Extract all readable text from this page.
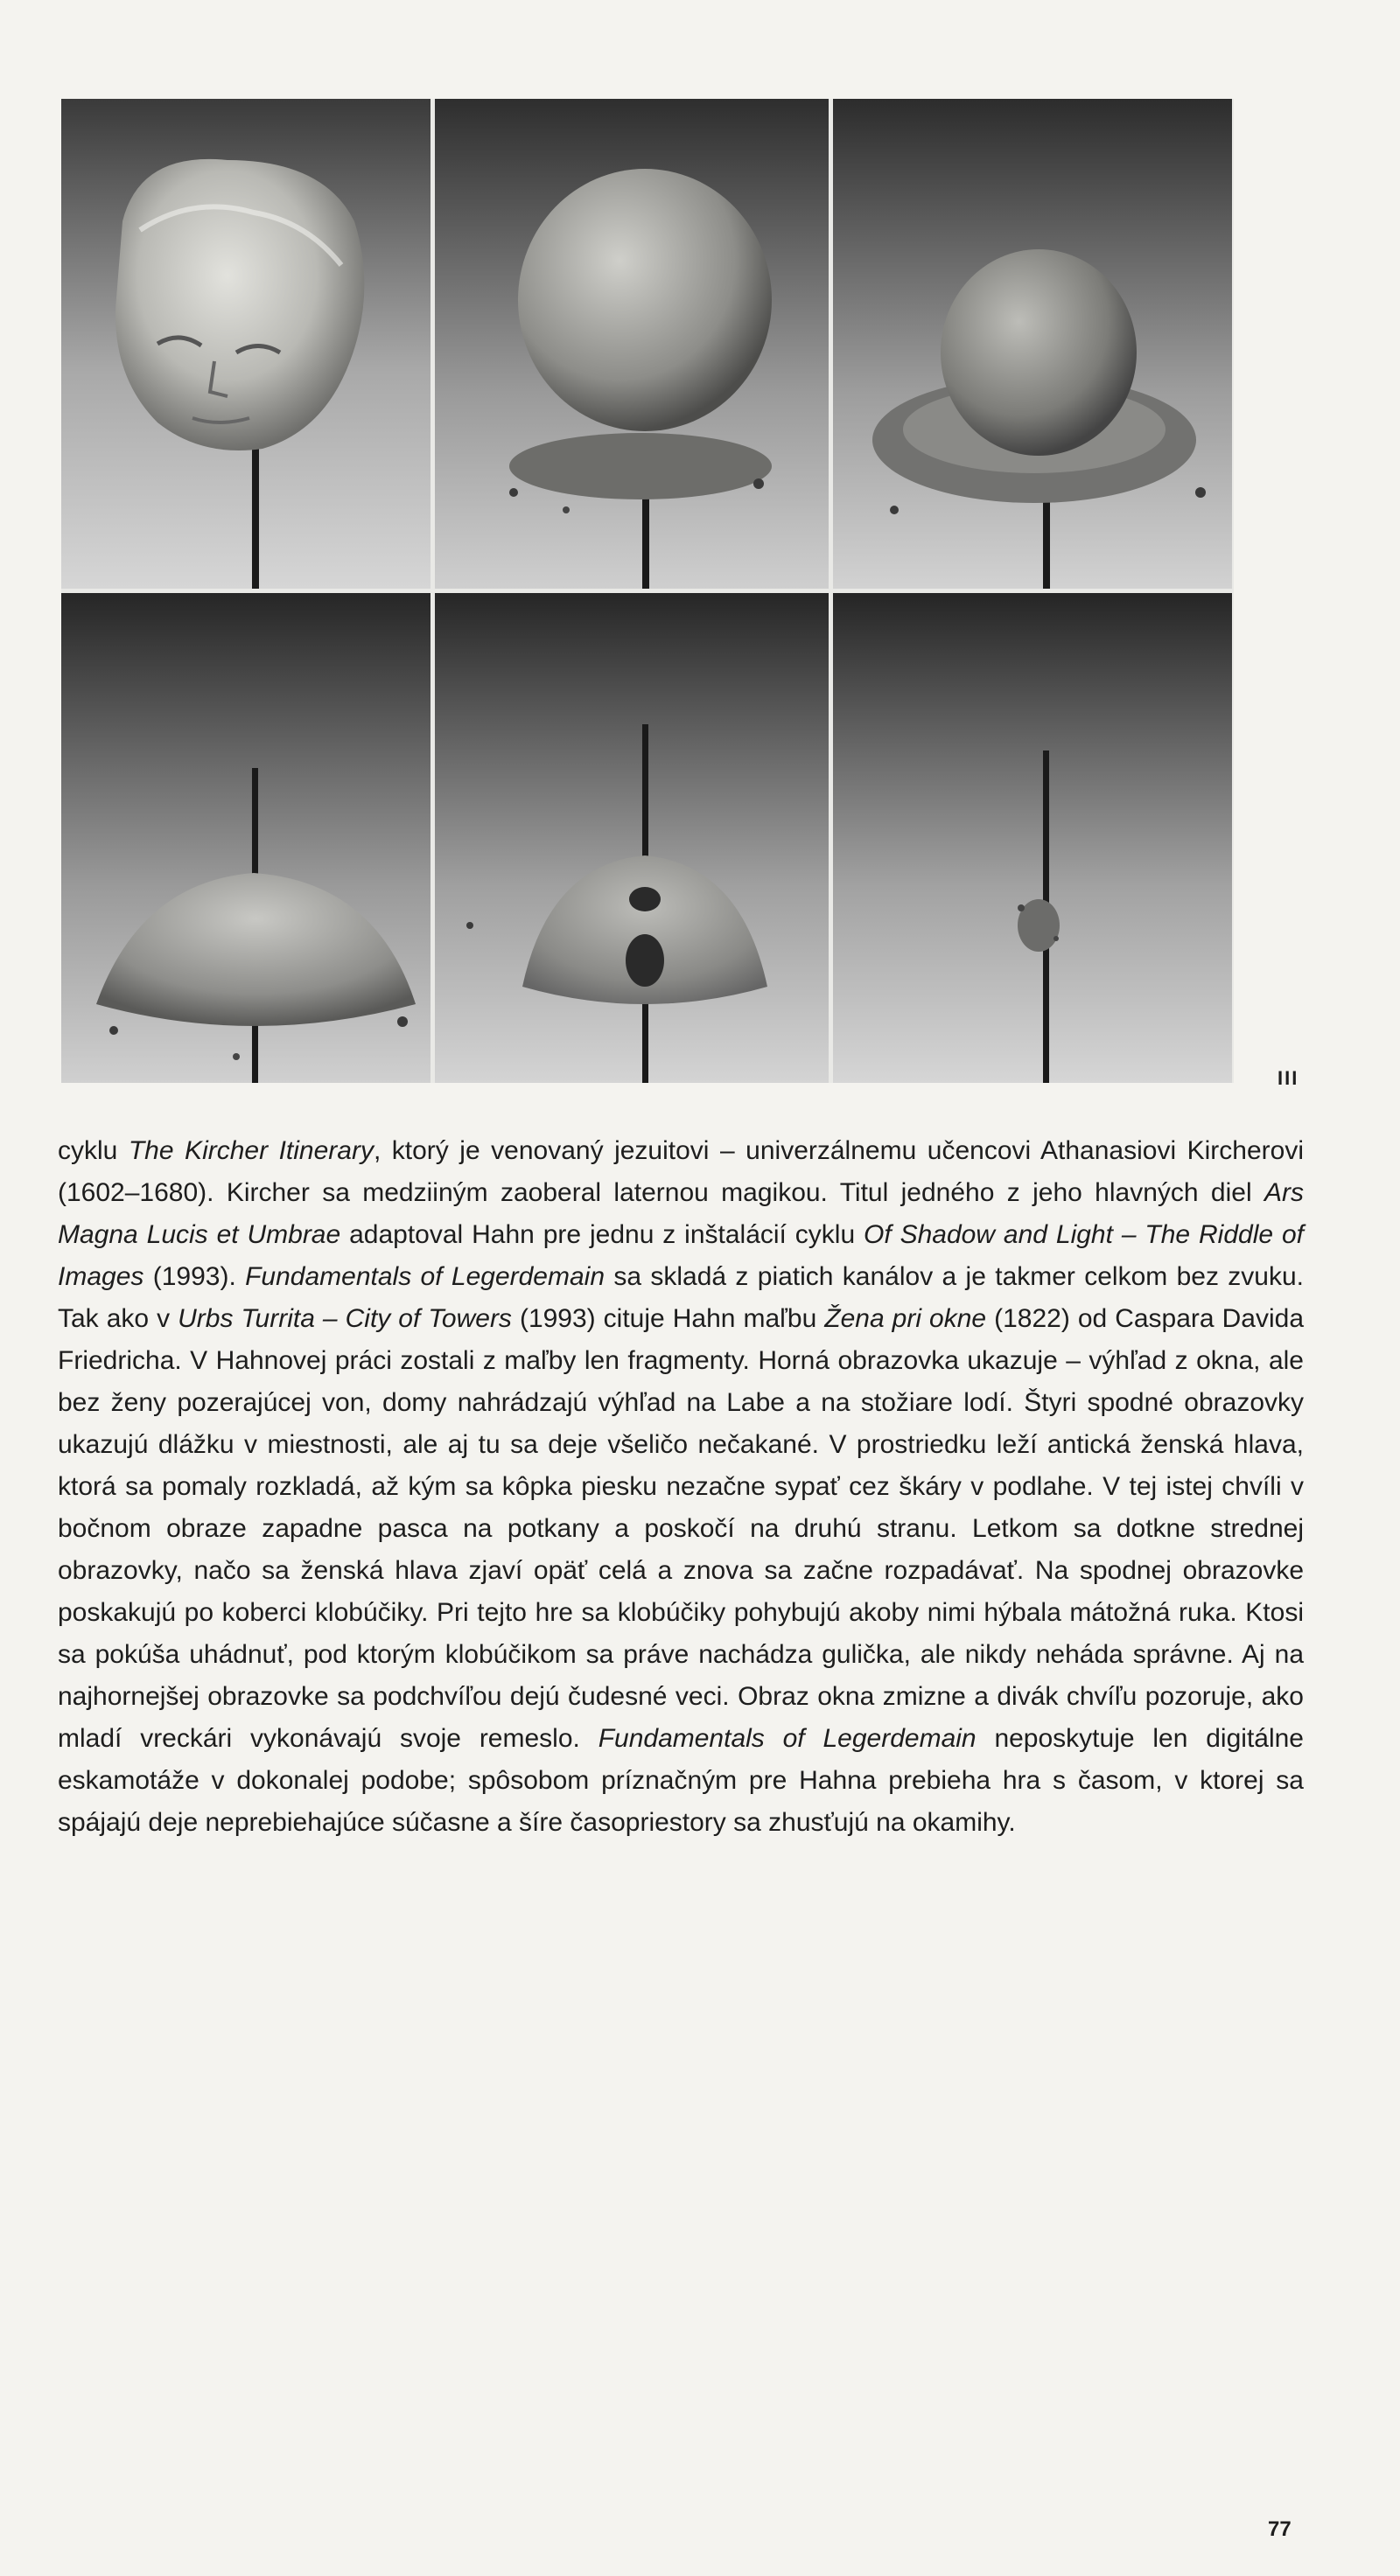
III

cyklu The Kircher Itinerary, ktorý je venovaný jezuitovi – univerzálnemu učencovi Athanasiovi Kircherovi (1602–1680). Kircher sa medziiným zaoberal laternou magikou. Titul jedného z jeho hlavných diel Ars Magna Lucis et Umbrae adaptoval Hahn pre jednu z inštalácií cyklu Of Shadow and Light – The Riddle of Images (1993). Fundamentals of Legerdemain sa skladá z piatich kanálov a je takmer celkom bez zvuku. Tak ako v Urbs Turrita – City of Towers (1993) cituje Hahn maľbu Žena pri okne (1822) od Caspara Davida Friedricha. V Hahnovej práci zostali z maľby len fragmenty. Horná obrazovka ukazuje – výhľad z okna, ale bez ženy pozerajúcej von, domy nahrádzajú výhľad na Labe a na stožiare lodí. Štyri spodné obrazovky ukazujú dlážku v miestnosti, ale aj tu sa deje všeličo nečakané. V prostriedku leží antická ženská hlava, ktorá sa pomaly rozkladá, až kým sa kôpka piesku nezačne sypať cez škáry v podlahe. V tej istej chvíli v bočnom obraze zapadne pasca na potkany a poskočí na druhú stranu. Letkom sa dotkne strednej obrazovky, načo sa ženská hlava zjaví opäť celá a znova sa začne rozpadávať. Na spodnej obrazovke poskakujú po koberci klobúčiky. Pri tejto hre sa klobúčiky pohybujú akoby nimi hýbala mátožná ruka. Ktosi sa pokúša uhádnuť, pod ktorým klobúčikom sa práve nachádza gulička, ale nikdy neháda správne. Aj na najhornejšej obrazovke sa podchvíľou dejú čudesné veci. Obraz okna zmizne a divák chvíľu pozoruje, ako mladí vreckári vykonávajú svoje remeslo. Fundamentals of Legerdemain neposkytuje len digitálne eskamotáže v dokonalej podobe; spôsobom príznačným pre Hahna prebieha hra s časom, v ktorej sa spájajú deje neprebiehajúce súčasne a šíre časopriestory sa zhusťujú na okamihy.

77
